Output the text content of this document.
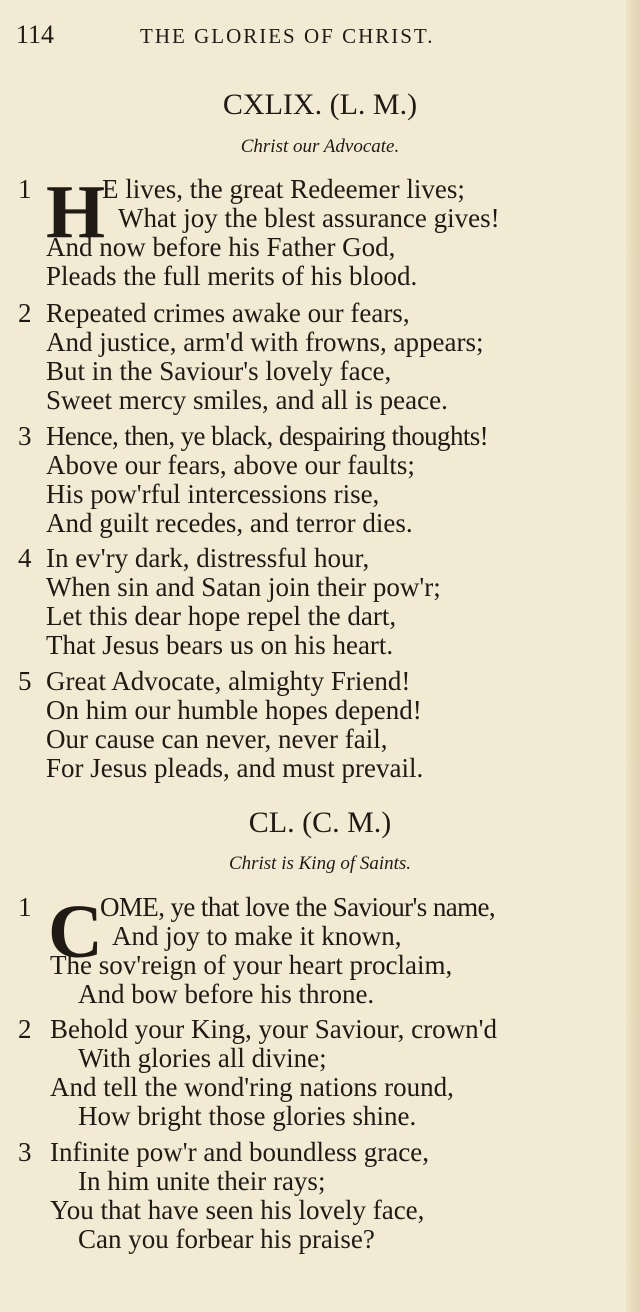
114	THE GLORIES OF CHRIST.
CXLIX. (L. M.)
Christ our Advocate.
1 H
E lives, the great Redeemer lives;
What joy the blest assurance gives!
And now before his Father God,
Pleads the full merits of his blood.
2 Repeated crimes awake our fears,
And justice, arm'd with frowns, appears;
But in the Saviour's lovely face,
Sweet mercy smiles, and all is peace.
3 Hence, then, ye black, despairing thoughts!
Above our fears, above our faults;
His pow'rful intercessions rise,
And guilt recedes, and terror dies.
4 In ev'ry dark, distressful hour,
When sin and Satan join their pow'r;
Let this dear hope repel the dart,
That Jesus bears us on his heart.
5 Great Advocate, almighty Friend!
On him our humble hopes depend!
Our cause can never, never fail,
For Jesus pleads, and must prevail.
CL. (C. M.)
Christ is King of Saints.
1 C
OME, ye that love the Saviour's name,
And joy to make it known,
The sov'reign of your heart proclaim,
And bow before his throne.
2 Behold your King, your Saviour, crown'd
With glories all divine;
And tell the wond'ring nations round,
How bright those glories shine.
3 Infinite pow'r and boundless grace,
In him unite their rays;
You that have seen his lovely face,
Can you forbear his praise?
